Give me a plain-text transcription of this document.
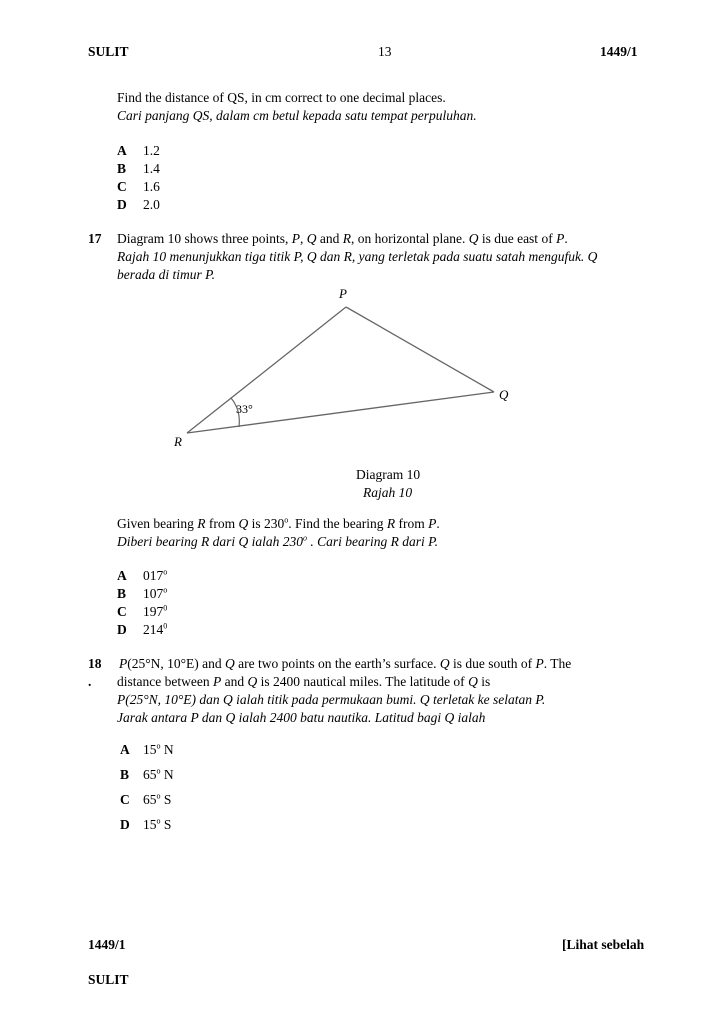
SULIT	13	1449/1
Find the distance of QS, in cm correct to one decimal places.
Cari panjang QS, dalam cm betul kepada satu tempat perpuluhan.
A 1.2
B 1.4
C 1.6
D 2.0
17 Diagram 10 shows three points, P, Q and R, on horizontal plane. Q is due east of P.
Rajah 10 menunjukkan tiga titik P, Q dan R, yang terletak pada suatu satah mengufuk. Q
berada di timur P.
P
Q
R
33°
Diagram 10
Rajah 10
Given bearing R from Q is 230$^o$. Find the bearing R from P.
Diberi bearing R dari Q ialah 230$^o$ . Cari bearing R dari P.
A 017$^o$
B 107$^o$
C $197^0$
D $214^0$
18
.
P(25°N, 10°E) and Q are two points on the earth’s surface. Q is due south of P. The
distance between P and Q is 2400 nautical miles. The latitude of Q is
P(25°N, 10°E) dan Q ialah titik pada permukaan bumi. Q terletak ke selatan P.
Jarak antara P dan Q ialah 2400 batu nautika. Latitud bagi Q ialah
A 15$^o$ N
B 65$^o$ N
C 65$^o$ S
D 15$^o$ S
1449/1	[Lihat sebelah
SULIT
